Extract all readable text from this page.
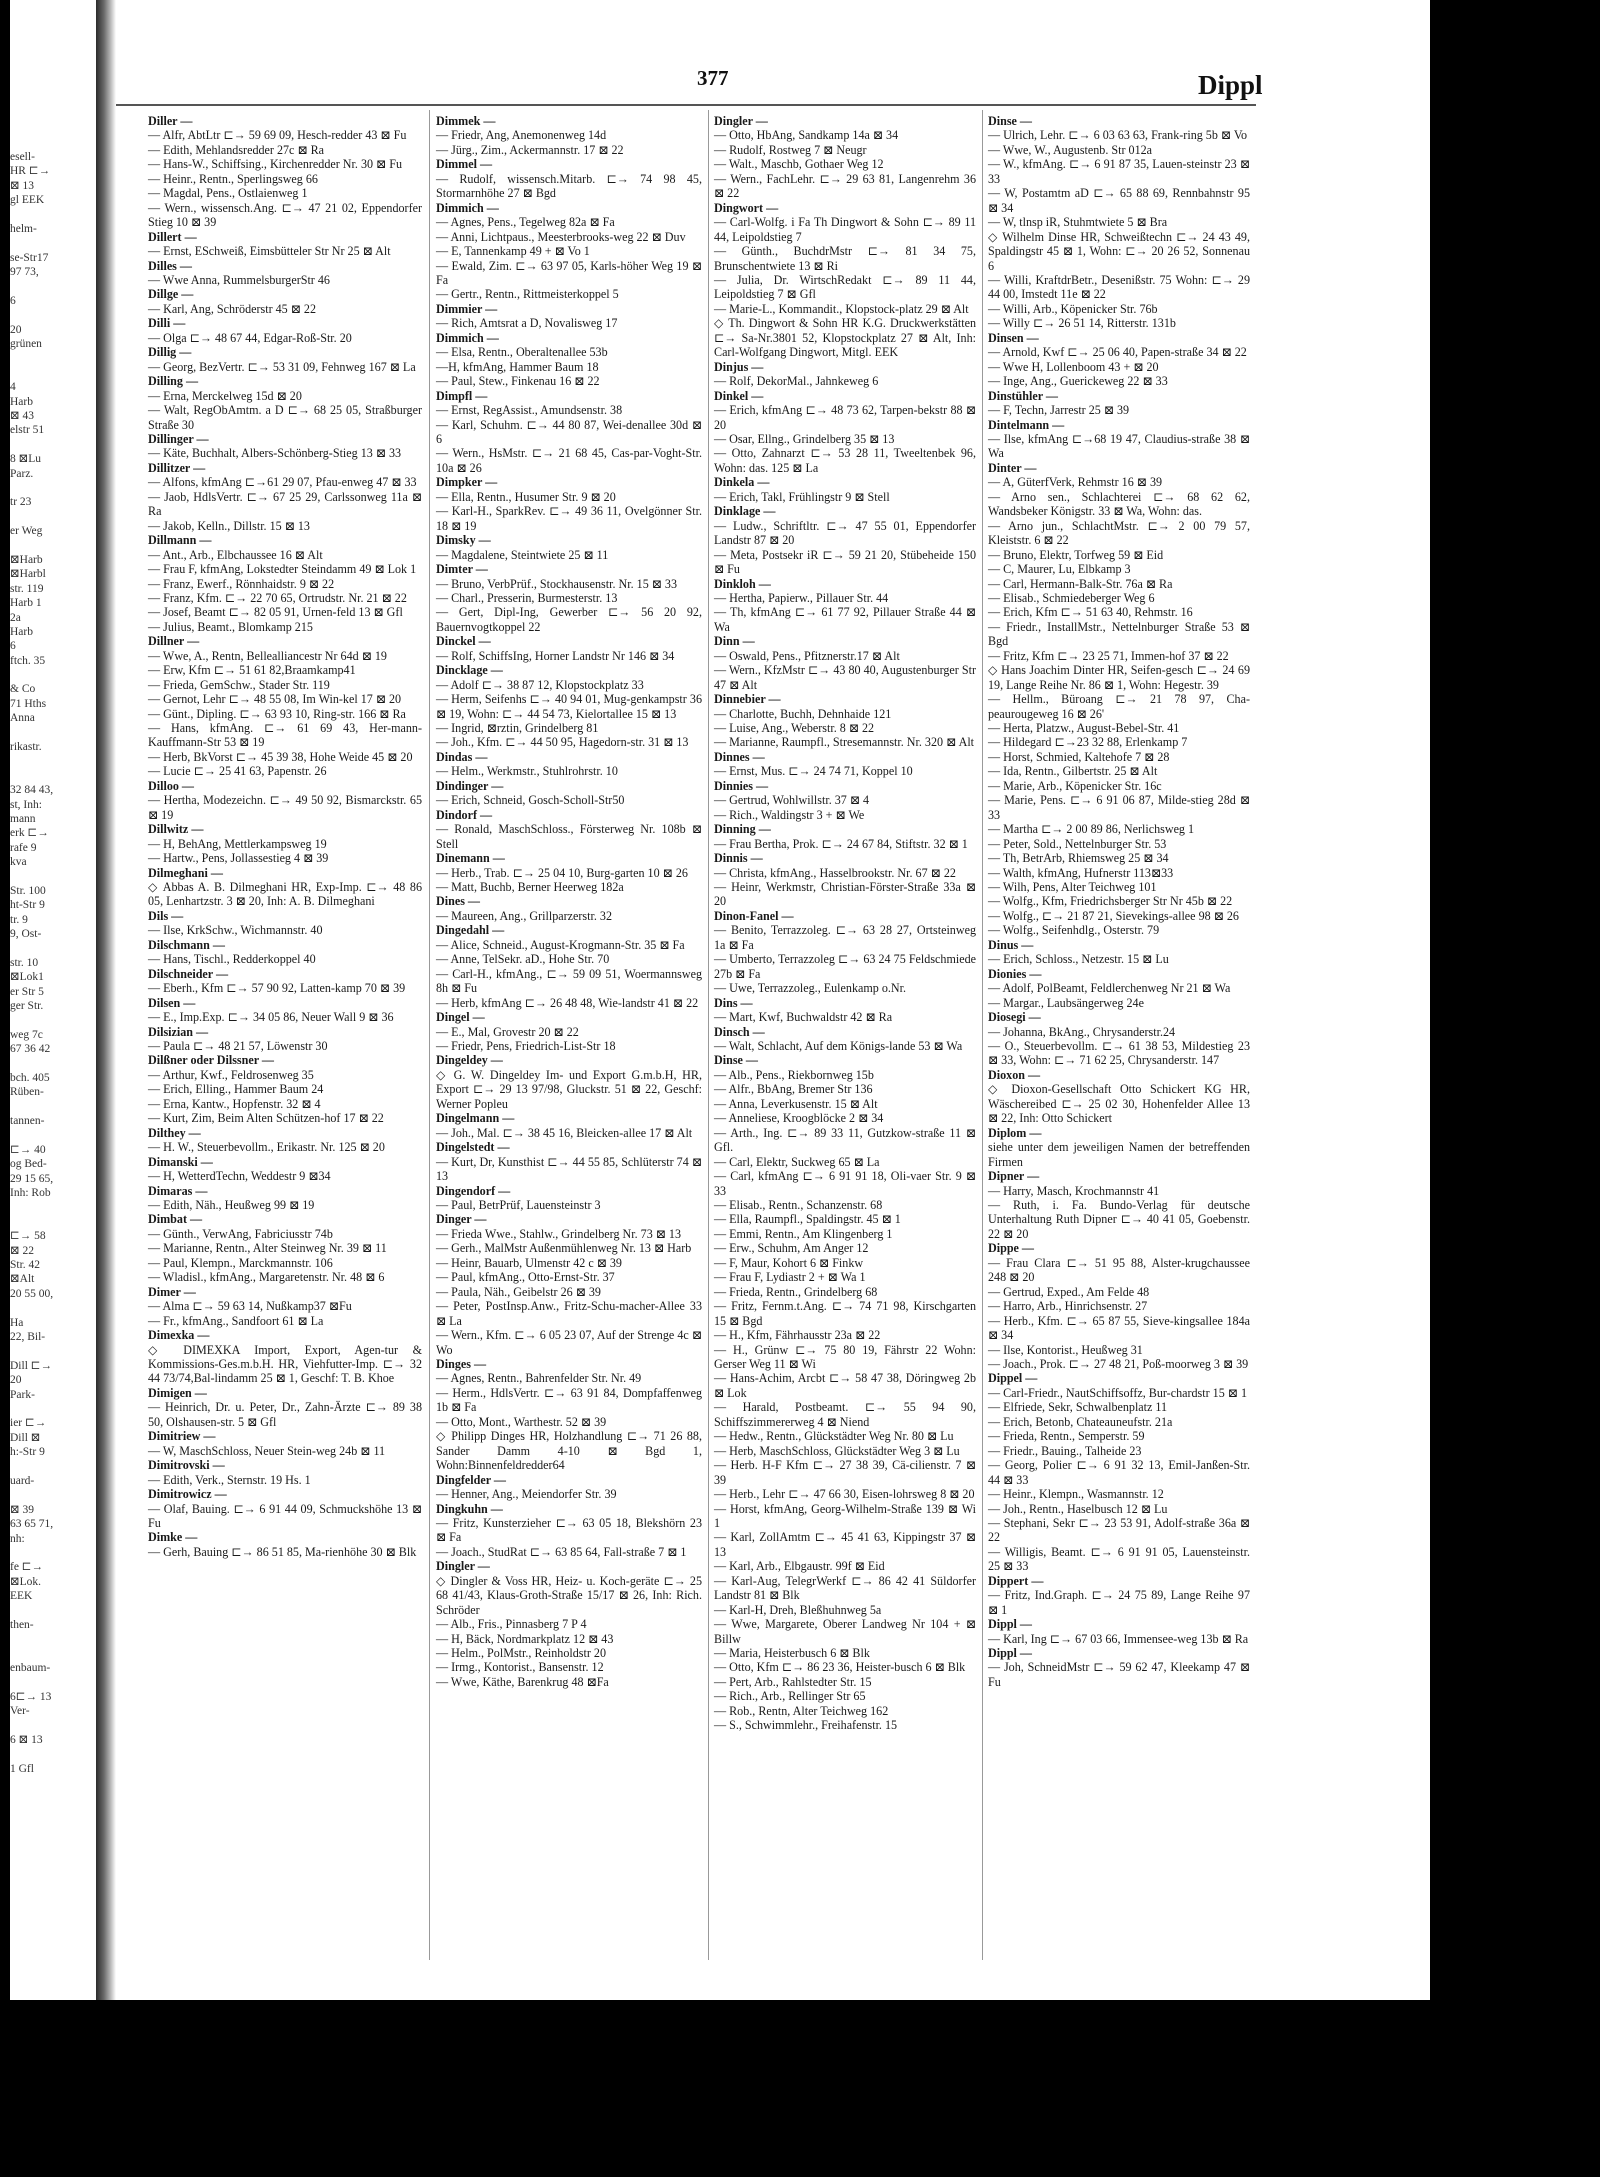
esell-
HR ⊏→
⊠ 13
gl EEK
helm-
se-Str17
97 73,
6
20
grünen
4
Harb
⊠ 43
elstr 51
8 ⊠Lu
Parz.
tr 23
er Weg
⊠Harb
⊠Harbl
str. 119
Harb 1
2a
Harb
6
ftch. 35
& Co
71 Hths
Anna
rikastr.
32 84 43,
st, Inh:
mann
erk ⊏→
rafe 9
kva
Str. 100
ht-Str 9
tr. 9
9, Ost-
str. 10
⊠Lok1
er Str 5
ger Str.
weg 7c
67 36 42
bch. 405
Rüben-
tannen-
⊏→ 40
og Bed-
29 15 65,
Inh: Rob
⊏→ 58
⊠ 22
Str. 42
⊠Alt
20 55 00,
Ha
22, Bil-
Dill ⊏→
20
Park-
ier ⊏→
Dill ⊠
h:-Str 9
uard-
⊠ 39
63 65 71,
nh:
fe ⊏→
⊠Lok.
EEK
then-
enbaum-
6⊏→ 13
Ver-
6 ⊠ 13
1 Gfl
377	Dippl
Diller —
— Alfr, AbtLtr ⊏→ 59 69 09, Hesch-redder 43 ⊠ Fu
— Edith, Mehlandsredder 27c ⊠ Ra
— Hans-W., Schiffsing., Kirchenredder Nr. 30 ⊠ Fu
— Heinr., Rentn., Sperlingsweg 66
— Magdal, Pens., Ostlaienweg 1
— Wern., wissensch.Ang. ⊏→ 47 21 02, Eppendorfer Stieg 10 ⊠ 39
Dillert —
— Ernst, ESchweiß, Eimsbütteler Str Nr 25 ⊠ Alt
Dilles —
— Wwe Anna, RummelsburgerStr 46
Dillge —
— Karl, Ang, Schröderstr 45 ⊠ 22
Dilli —
— Olga ⊏→ 48 67 44, Edgar-Roß-Str. 20
Dillig —
— Georg, BezVertr. ⊏→ 53 31 09, Fehnweg 167 ⊠ La
Dilling —
— Erna, Merckelweg 15d ⊠ 20
— Walt, RegObAmtm. a D ⊏→ 68 25 05, Straßburger Straße 30
Dillinger —
— Käte, Buchhalt, Albers-Schönberg-Stieg 13 ⊠ 33
Dillitzer —
— Alfons, kfmAng ⊏→61 29 07, Pfau-enweg 47 ⊠ 33
— Jaob, HdlsVertr. ⊏→ 67 25 29, Carlssonweg 11a ⊠ Ra
— Jakob, Kelln., Dillstr. 15 ⊠ 13
Dillmann —
— Ant., Arb., Elbchaussee 16 ⊠ Alt
— Frau F, kfmAng, Lokstedter Steindamm 49 ⊠ Lok 1
— Franz, Ewerf., Rönnhaidstr. 9 ⊠ 22
— Franz, Kfm. ⊏→ 22 70 65, Ortrudstr. Nr. 21 ⊠ 22
— Josef, Beamt ⊏→ 82 05 91, Urnen-feld 13 ⊠ Gfl
— Julius, Beamt., Blomkamp 215
Dillner —
— Wwe, A., Rentn, Bellealliancestr Nr 64d ⊠ 19
— Erw, Kfm ⊏→ 51 61 82,Braamkamp41
— Frieda, GemSchw., Stader Str. 119
— Gernot, Lehr ⊏→ 48 55 08, Im Win-kel 17 ⊠ 20
— Günt., Dipling. ⊏→ 63 93 10, Ring-str. 166 ⊠ Ra
— Hans, kfmAng. ⊏→ 61 69 43, Her-mann-Kauffmann-Str 53 ⊠ 19
— Herb, BkVorst ⊏→ 45 39 38, Hohe Weide 45 ⊠ 20
— Lucie ⊏→ 25 41 63, Papenstr. 26
Dilloo —
— Hertha, Modezeichn. ⊏→ 49 50 92, Bismarckstr. 65 ⊠ 19
Dillwitz —
— H, BehAng, Mettlerkampsweg 19
— Hartw., Pens, Jollassestieg 4 ⊠ 39
Dilmeghani —
◇ Abbas A. B. Dilmeghani HR, Exp-Imp. ⊏→ 48 86 05, Lenhartzstr. 3 ⊠ 20, Inh: A. B. Dilmeghani
Dils —
— Ilse, KrkSchw., Wichmannstr. 40
Dilschmann —
— Hans, Tischl., Redderkoppel 40
Dilschneider —
— Eberh., Kfm ⊏→ 57 90 92, Latten-kamp 70 ⊠ 39
Dilsen —
— E., Imp.Exp. ⊏→ 34 05 86, Neuer Wall 9 ⊠ 36
Dilsizian —
— Paula ⊏→ 48 21 57, Löwenstr 30
Dilßner oder Dilssner —
— Arthur, Kwf., Feldrosenweg 35
— Erich, Elling., Hammer Baum 24
— Erna, Kantw., Hopfenstr. 32 ⊠ 4
— Kurt, Zim, Beim Alten Schützen-hof 17 ⊠ 22
Dilthey —
— H. W., Steuerbevollm., Erikastr. Nr. 125 ⊠ 20
Dimanski —
— H, WetterdTechn, Weddestr 9 ⊠34
Dimaras —
— Edith, Näh., Heußweg 99 ⊠ 19
Dimbat —
— Günth., VerwAng, Fabriciusstr 74b
— Marianne, Rentn., Alter Steinweg Nr. 39 ⊠ 11
— Paul, Klempn., Marckmannstr. 106
— Wladisl., kfmAng., Margaretenstr. Nr. 48 ⊠ 6
Dimer —
— Alma ⊏→ 59 63 14, Nußkamp37 ⊠Fu
— Fr., kfmAng., Sandfoort 61 ⊠ La
Dimexka —
◇ DIMEXKA Import, Export, Agen-tur & Kommissions-Ges.m.b.H. HR, Viehfutter-Imp. ⊏→ 32 44 73/74,Bal-lindamm 25 ⊠ 1, Geschf: T. B. Khoe
Dimigen —
— Heinrich, Dr. u. Peter, Dr., Zahn-Ärzte ⊏→ 89 38 50, Olshausen-str. 5 ⊠ Gfl
Dimitriew —
— W, MaschSchloss, Neuer Stein-weg 24b ⊠ 11
Dimitrovski —
— Edith, Verk., Sternstr. 19 Hs. 1
Dimitrowicz —
— Olaf, Bauing. ⊏→ 6 91 44 09, Schmuckshöhe 13 ⊠ Fu
Dimke —
— Gerh, Bauing ⊏→ 86 51 85, Ma-rienhöhe 30 ⊠ Blk
Dimmek —
— Friedr, Ang, Anemonenweg 14d
— Jürg., Zim., Ackermannstr. 17 ⊠ 22
Dimmel —
— Rudolf, wissensch.Mitarb. ⊏→ 74 98 45, Stormarnhöhe 27 ⊠ Bgd
Dimmich —
— Agnes, Pens., Tegelweg 82a ⊠ Fa
— Anni, Lichtpaus., Meesterbrooks-weg 22 ⊠ Duv
— E, Tannenkamp 49 + ⊠ Vo 1
— Ewald, Zim. ⊏→ 63 97 05, Karls-höher Weg 19 ⊠ Fa
— Gertr., Rentn., Rittmeisterkoppel 5
Dimmier —
— Rich, Amtsrat a D, Novalisweg 17
Dimmich —
— Elsa, Rentn., Oberaltenallee 53b
—H, kfmAng, Hammer Baum 18
— Paul, Stew., Finkenau 16 ⊠ 22
Dimpfl —
— Ernst, RegAssist., Amundsenstr. 38
— Karl, Schuhm. ⊏→ 44 80 87, Wei-denallee 30d ⊠ 6
— Wern., HsMstr. ⊏→ 21 68 45, Cas-par-Voght-Str. 10a ⊠ 26
Dimpker —
— Ella, Rentn., Husumer Str. 9 ⊠ 20
— Karl-H., SparkRev. ⊏→ 49 36 11, Ovelgönner Str. 18 ⊠ 19
Dimsky —
— Magdalene, Steintwiete 25 ⊠ 11
Dimter —
— Bruno, VerbPrüf., Stockhausenstr. Nr. 15 ⊠ 33
— Charl., Presserin, Burmesterstr. 13
— Gert, Dipl-Ing, Gewerber ⊏→ 56 20 92, Bauernvogtkoppel 22
Dinckel —
— Rolf, SchiffsIng, Horner Landstr Nr 146 ⊠ 34
Dincklage —
— Adolf ⊏→ 38 87 12, Klopstockplatz 33
— Herm, Seifenhs ⊏→ 40 94 01, Mug-genkampstr 36 ⊠ 19, Wohn: ⊏→ 44 54 73, Kielortallee 15 ⊠ 13
— Ingrid, ⊠rztin, Grindelberg 81
— Joh., Kfm. ⊏→ 44 50 95, Hagedorn-str. 31 ⊠ 13
Dindas —
— Helm., Werkmstr., Stuhlrohrstr. 10
Dindinger —
— Erich, Schneid, Gosch-Scholl-Str50
Dindorf —
— Ronald, MaschSchloss., Försterweg Nr. 108b ⊠ Stell
Dinemann —
— Herb., Trab. ⊏→ 25 04 10, Burg-garten 10 ⊠ 26
— Matt, Buchb, Berner Heerweg 182a
Dines —
— Maureen, Ang., Grillparzerstr. 32
Dingedahl —
— Alice, Schneid., August-Krogmann-Str. 35 ⊠ Fa
— Anne, TelSekr. aD., Hohe Str. 70
— Carl-H., kfmAng., ⊏→ 59 09 51, Woermannsweg 8h ⊠ Fu
— Herb, kfmAng ⊏→ 26 48 48, Wie-landstr 41 ⊠ 22
Dingel —
— E., Mal, Grovestr 20 ⊠ 22
— Friedr, Pens, Friedrich-List-Str 18
Dingeldey —
◇ G. W. Dingeldey Im- und Export G.m.b.H, HR, Export ⊏→ 29 13 97/98, Gluckstr. 51 ⊠ 22, Geschf: Werner Popleu
Dingelmann —
— Joh., Mal. ⊏→ 38 45 16, Bleicken-allee 17 ⊠ Alt
Dingelstedt —
— Kurt, Dr, Kunsthist ⊏→ 44 55 85, Schlüterstr 74 ⊠ 13
Dingendorf —
— Paul, BetrPrüf, Lauensteinstr 3
Dinger —
— Frieda Wwe., Stahlw., Grindelberg Nr. 73 ⊠ 13
— Gerh., MalMstr Außenmühlenweg Nr. 13 ⊠ Harb
— Heinr, Bauarb, Ulmenstr 42 c ⊠ 39
— Paul, kfmAng., Otto-Ernst-Str. 37
— Paula, Näh., Geibelstr 26 ⊠ 39
— Peter, PostInsp.Anw., Fritz-Schu-macher-Allee 33 ⊠ La
— Wern., Kfm. ⊏→ 6 05 23 07, Auf der Strenge 4c ⊠ Wo
Dinges —
— Agnes, Rentn., Bahrenfelder Str. Nr. 49
— Herm., HdlsVertr. ⊏→ 63 91 84, Dompfaffenweg 1b ⊠ Fa
— Otto, Mont., Warthestr. 52 ⊠ 39
◇ Philipp Dinges HR, Holzhandlung ⊏→ 71 26 88, Sander Damm 4-10 ⊠ Bgd 1, Wohn:Binnenfeldredder64
Dingfelder —
— Henner, Ang., Meiendorfer Str. 39
Dingkuhn —
— Fritz, Kunsterzieher ⊏→ 63 05 18, Blekshörn 23 ⊠ Fa
— Joach., StudRat ⊏→ 63 85 64, Fall-straße 7 ⊠ 1
Dingler —
◇ Dingler & Voss HR, Heiz- u. Koch-geräte ⊏→ 25 68 41/43, Klaus-Groth-Straße 15/17 ⊠ 26, Inh: Rich. Schröder
— Alb., Fris., Pinnasberg 7 P 4
— H, Bäck, Nordmarkplatz 12 ⊠ 43
— Helm., PolMstr., Reinholdstr 20
— Irmg., Kontorist., Bansenstr. 12
— Wwe, Käthe, Barenkrug 48 ⊠Fa
Dingler —
— Otto, HbAng, Sandkamp 14a ⊠ 34
— Rudolf, Rostweg 7 ⊠ Neugr
— Walt., Maschb, Gothaer Weg 12
— Wern., FachLehr. ⊏→ 29 63 81, Langenrehm 36 ⊠ 22
Dingwort —
— Carl-Wolfg. i Fa Th Dingwort & Sohn ⊏→ 89 11 44, Leipoldstieg 7
— Günth., BuchdrMstr ⊏→ 81 34 75, Brunschentwiete 13 ⊠ Ri
— Julia, Dr. WirtschRedakt ⊏→ 89 11 44, Leipoldstieg 7 ⊠ Gfl
— Marie-L., Kommandit., Klopstock-platz 29 ⊠ Alt
◇ Th. Dingwort & Sohn HR K.G. Druckwerkstätten ⊏→ Sa-Nr.3801 52, Klopstockplatz 27 ⊠ Alt, Inh: Carl-Wolfgang Dingwort, Mitgl. EEK
Dinjus —
— Rolf, DekorMal., Jahnkeweg 6
Dinkel —
— Erich, kfmAng ⊏→ 48 73 62, Tarpen-bekstr 88 ⊠ 20
— Osar, Ellng., Grindelberg 35 ⊠ 13
— Otto, Zahnarzt ⊏→ 53 28 11, Tweeltenbek 96, Wohn: das. 125 ⊠ La
Dinkela —
— Erich, Takl, Frühlingstr 9 ⊠ Stell
Dinklage —
— Ludw., Schriftltr. ⊏→ 47 55 01, Eppendorfer Landstr 87 ⊠ 20
— Meta, Postsekr iR ⊏→ 59 21 20, Stübeheide 150 ⊠ Fu
Dinkloh —
— Hertha, Papierw., Pillauer Str. 44
— Th, kfmAng ⊏→ 61 77 92, Pillauer Straße 44 ⊠ Wa
Dinn —
— Oswald, Pens., Pfitznerstr.17 ⊠ Alt
— Wern., KfzMstr ⊏→ 43 80 40, Augustenburger Str 47 ⊠ Alt
Dinnebier —
— Charlotte, Buchh, Dehnhaide 121
— Luise, Ang., Weberstr. 8 ⊠ 22
— Marianne, Raumpfl., Stresemannstr. Nr. 320 ⊠ Alt
Dinnes —
— Ernst, Mus. ⊏→ 24 74 71, Koppel 10
Dinnies —
— Gertrud, Wohlwillstr. 37 ⊠ 4
— Rich., Waldingstr 3 + ⊠ We
Dinning —
— Frau Bertha, Prok. ⊏→ 24 67 84, Stiftstr. 32 ⊠ 1
Dinnis —
— Christa, kfmAng., Hasselbrookstr. Nr. 67 ⊠ 22
— Heinr, Werkmstr, Christian-Förster-Straße 33a ⊠ 20
Dinon-Fanel —
— Benito, Terrazzoleg. ⊏→ 63 28 27, Ortsteinweg 1a ⊠ Fa
— Umberto, Terrazzoleg ⊏→ 63 24 75 Feldschmiede 27b ⊠ Fa
— Uwe, Terrazzoleg., Eulenkamp o.Nr.
Dins —
— Mart, Kwf, Buchwaldstr 42 ⊠ Ra
Dinsch —
— Walt, Schlacht, Auf dem Königs-lande 53 ⊠ Wa
Dinse —
— Alb., Pens., Riekbornweg 15b
— Alfr., BbAng, Bremer Str 136
— Anna, Leverkusenstr. 15 ⊠ Alt
— Anneliese, Kroogblöcke 2 ⊠ 34
— Arth., Ing. ⊏→ 89 33 11, Gutzkow-straße 11 ⊠ Gfl.
— Carl, Elektr, Suckweg 65 ⊠ La
— Carl, kfmAng ⊏→ 6 91 91 18, Oli-vaer Str. 9 ⊠ 33
— Elisab., Rentn., Schanzenstr. 68
— Ella, Raumpfl., Spaldingstr. 45 ⊠ 1
— Emmi, Rentn., Am Klingenberg 1
— Erw., Schuhm, Am Anger 12
— F, Maur, Kohort 6 ⊠ Finkw
— Frau F, Lydiastr 2 + ⊠ Wa 1
— Frieda, Rentn., Grindelberg 68
— Fritz, Fernm.t.Ang. ⊏→ 74 71 98, Kirschgarten 15 ⊠ Bgd
— H., Kfm, Fährhausstr 23a ⊠ 22
— H., Grünw ⊏→ 75 80 19, Fährstr 22 Wohn: Gerser Weg 11 ⊠ Wi
— Hans-Achim, Arcbt ⊏→ 58 47 38, Döringweg 2b ⊠ Lok
— Harald, Postbeamt. ⊏→ 55 94 90, Schiffszimmererweg 4 ⊠ Niend
— Hedw., Rentn., Glückstädter Weg Nr. 80 ⊠ Lu
— Herb, MaschSchloss, Glückstädter Weg 3 ⊠ Lu
— Herb. H-F Kfm ⊏→ 27 38 39, Cä-cilienstr. 7 ⊠ 39
— Herb., Lehr ⊏→ 47 66 30, Eisen-lohrsweg 8 ⊠ 20
— Horst, kfmAng, Georg-Wilhelm-Straße 139 ⊠ Wi 1
— Karl, ZollAmtm ⊏→ 45 41 63, Kippingstr 37 ⊠ 13
— Karl, Arb., Elbgaustr. 99f ⊠ Eid
— Karl-Aug, TelegrWerkf ⊏→ 86 42 41 Süldorfer Landstr 81 ⊠ Blk
— Karl-H, Dreh, Bleßhuhnweg 5a
— Wwe, Margarete, Oberer Landweg Nr 104 + ⊠ Billw
— Maria, Heisterbusch 6 ⊠ Blk
— Otto, Kfm ⊏→ 86 23 36, Heister-busch 6 ⊠ Blk
— Pert, Arb., Rahlstedter Str. 15
— Rich., Arb., Rellinger Str 65
— Rob., Rentn, Alter Teichweg 162
— S., Schwimmlehr., Freihafenstr. 15
Dinse —
— Ulrich, Lehr. ⊏→ 6 03 63 63, Frank-ring 5b ⊠ Vo
— Wwe, W., Augustenb. Str 012a
— W., kfmAng. ⊏→ 6 91 87 35, Lauen-steinstr 23 ⊠ 33
— W, Postamtm aD ⊏→ 65 88 69, Rennbahnstr 95 ⊠ 34
— W, tlnsp iR, Stuhmtwiete 5 ⊠ Bra
◇ Wilhelm Dinse HR, Schweißtechn ⊏→ 24 43 49, Spaldingstr 45 ⊠ 1, Wohn: ⊏→ 20 26 52, Sonnenau 6
— Willi, KraftdrBetr., Desenißstr. 75 Wohn: ⊏→ 29 44 00, Imstedt 11e ⊠ 22
— Willi, Arb., Köpenicker Str. 76b
— Willy ⊏→ 26 51 14, Ritterstr. 131b
Dinsen —
— Arnold, Kwf ⊏→ 25 06 40, Papen-straße 34 ⊠ 22
— Wwe H, Lollenboom 43 + ⊠ 20
— Inge, Ang., Guerickeweg 22 ⊠ 33
Dinstühler —
— F, Techn, Jarrestr 25 ⊠ 39
Dintelmann —
— Ilse, kfmAng ⊏→68 19 47, Claudius-straße 38 ⊠ Wa
Dinter —
— A, GüterfVerk, Rehmstr 16 ⊠ 39
— Arno sen., Schlachterei ⊏→ 68 62 62, Wandsbeker Königstr. 33 ⊠ Wa, Wohn: das.
— Arno jun., SchlachtMstr. ⊏→ 2 00 79 57, Kleiststr. 6 ⊠ 22
— Bruno, Elektr, Torfweg 59 ⊠ Eid
— C, Maurer, Lu, Elbkamp 3
— Carl, Hermann-Balk-Str. 76a ⊠ Ra
— Elisab., Schmiedeberger Weg 6
— Erich, Kfm ⊏→ 51 63 40, Rehmstr. 16
— Friedr., InstallMstr., Nettelnburger Straße 53 ⊠ Bgd
— Fritz, Kfm ⊏→ 23 25 71, Immen-hof 37 ⊠ 22
◇ Hans Joachim Dinter HR, Seifen-gesch ⊏→ 24 69 19, Lange Reihe Nr. 86 ⊠ 1, Wohn: Hegestr. 39
— Hellm., Büroang ⊏→ 21 78 97, Cha-peaurougeweg 16 ⊠ 26'
— Herta, Platzw., August-Bebel-Str. 41
— Hildegard ⊏→23 32 88, Erlenkamp 7
— Horst, Schmied, Kaltehofe 7 ⊠ 28
— Ida, Rentn., Gilbertstr. 25 ⊠ Alt
— Marie, Arb., Köpenicker Str. 16c
— Marie, Pens. ⊏→ 6 91 06 87, Milde-stieg 28d ⊠ 33
— Martha ⊏→ 2 00 89 86, Nerlichsweg 1
— Peter, Sold., Nettelnburger Str. 53
— Th, BetrArb, Rhiemsweg 25 ⊠ 34
— Walth, kfmAng, Hufnerstr 113⊠33
— Wilh, Pens, Alter Teichweg 101
— Wolfg., Kfm, Friedrichsberger Str Nr 45b ⊠ 22
— Wolfg., ⊏→ 21 87 21, Sievekings-allee 98 ⊠ 26
— Wolfg., Seifenhdlg., Osterstr. 79
Dinus —
— Erich, Schloss., Netzestr. 15 ⊠ Lu
Dionies —
— Adolf, PolBeamt, Feldlerchenweg Nr 21 ⊠ Wa
— Margar., Laubsängerweg 24e
Diosegi —
— Johanna, BkAng., Chrysanderstr.24
— O., Steuerbevollm. ⊏→ 61 38 53, Mildestieg 23 ⊠ 33, Wohn: ⊏→ 71 62 25, Chrysanderstr. 147
Dioxon —
◇ Dioxon-Gesellschaft Otto Schickert KG HR, Wäschereibed ⊏→ 25 02 30, Hohenfelder Allee 13 ⊠ 22, Inh: Otto Schickert
Diplom —
siehe unter dem jeweiligen Namen der betreffenden Firmen
Dipner —
— Harry, Masch, Krochmannstr 41
— Ruth, i. Fa. Bundo-Verlag für deutsche Unterhaltung Ruth Dipner ⊏→ 40 41 05, Goebenstr. 22 ⊠ 20
Dippe —
— Frau Clara ⊏→ 51 95 88, Alster-krugchaussee 248 ⊠ 20
— Gertrud, Exped., Am Felde 48
— Harro, Arb., Hinrichsenstr. 27
— Herb., Kfm. ⊏→ 65 87 55, Sieve-kingsallee 184a ⊠ 34
— Ilse, Kontorist., Heußweg 31
— Joach., Prok. ⊏→ 27 48 21, Poß-moorweg 3 ⊠ 39
Dippel —
— Carl-Friedr., NautSchiffsoffz, Bur-chardstr 15 ⊠ 1
— Elfriede, Sekr, Schwalbenplatz 11
— Erich, Betonb, Chateauneufstr. 21a
— Frieda, Rentn., Semperstr. 59
— Friedr., Bauing., Talheide 23
— Georg, Polier ⊏→ 6 91 32 13, Emil-Janßen-Str. 44 ⊠ 33
— Heinr., Klempn., Wasmannstr. 12
— Joh., Rentn., Haselbusch 12 ⊠ Lu
— Stephani, Sekr ⊏→ 23 53 91, Adolf-straße 36a ⊠ 22
— Willigis, Beamt. ⊏→ 6 91 91 05, Lauensteinstr. 25 ⊠ 33
Dippert —
— Fritz, Ind.Graph. ⊏→ 24 75 89, Lange Reihe 97 ⊠ 1
Dippl —
— Karl, Ing ⊏→ 67 03 66, Immensee-weg 13b ⊠ Ra
Dippl —
— Joh, SchneidMstr ⊏→ 59 62 47, Kleekamp 47 ⊠ Fu
